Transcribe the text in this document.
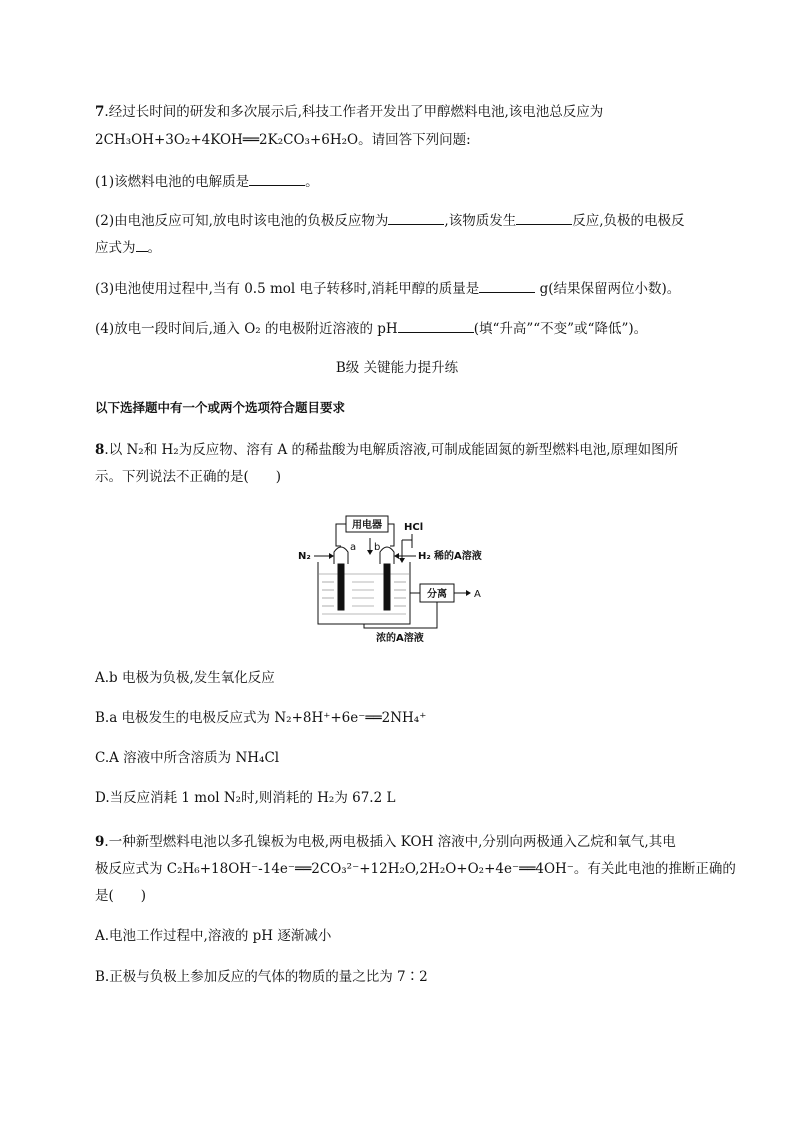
7.经过长时间的研发和多次展示后,科技工作者开发出了甲醇燃料电池,该电池总反应为
2CH₃OH+3O₂+4KOH══2K₂CO₃+6H₂O。请回答下列问题:
(1)该燃料电池的电解质是	。
(2)由电池反应可知,放电时该电池的负极反应物为	,该物质发生	反应,负极的电极反
应式为 。
(3)电池使用过程中,当有 0.5 mol 电子转移时,消耗甲醇的质量是	g(结果保留两位小数)。
(4)放电一段时间后,通入 O₂ 的电极附近溶液的 pH	(填“升高”“不变”或“降低”)。
B级 关键能力提升练
以下选择题中有一个或两个选项符合题目要求
8.以 N₂和 H₂为反应物、溶有 A 的稀盐酸为电解质溶液,可制成能固氮的新型燃料电池,原理如图所
示。下列说法不正确的是(　　)
用电器
a b
N₂	H₂ 稀的A溶液
HCl
分离	A
浓的A溶液
A.b 电极为负极,发生氧化反应
B.a 电极发生的电极反应式为 N₂+8H⁺+6e⁻══2NH₄⁺
C.A 溶液中所含溶质为 NH₄Cl
D.当反应消耗 1 mol N₂时,则消耗的 H₂为 67.2 L
9.一种新型燃料电池以多孔镍板为电极,两电极插入 KOH 溶液中,分别向两极通入乙烷和氧气,其电
极反应式为 C₂H₆+18OH⁻-14e⁻══2CO₃²⁻+12H₂O,2H₂O+O₂+4e⁻══4OH⁻。有关此电池的推断正确的
是(　　)
A.电池工作过程中,溶液的 pH 逐渐减小
B.正极与负极上参加反应的气体的物质的量之比为 7∶2
